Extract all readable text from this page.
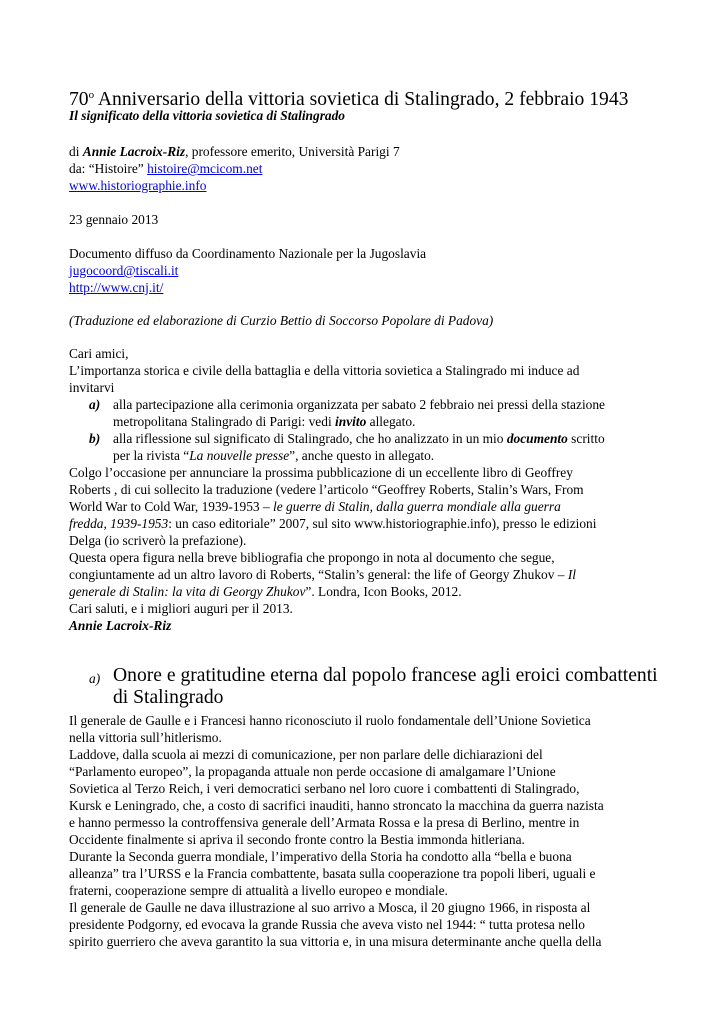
70$^o$ Anniversario della vittoria sovietica di Stalingrado, 2 febbraio 1943
Il significato della vittoria sovietica di Stalingrado
di Annie Lacroix-Riz, professore emerito, Università Parigi 7
da: “Histoire” histoire@mcicom.net
www.historiographie.info
23 gennaio 2013
Documento diffuso da Coordinamento Nazionale per la Jugoslavia
jugocoord@tiscali.it
http://www.cnj.it/
(Traduzione ed elaborazione di Curzio Bettio di Soccorso Popolare di Padova)
Cari amici,
L’importanza storica e civile della battaglia e della vittoria sovietica a Stalingrado mi induce ad
invitarvi
a) alla partecipazione alla cerimonia organizzata per sabato 2 febbraio nei pressi della stazione
metropolitana Stalingrado di Parigi: vedi invito allegato.
b) alla riflessione sul significato di Stalingrado, che ho analizzato in un mio documento scritto
per la rivista “La nouvelle presse”, anche questo in allegato.
Colgo l’occasione per annunciare la prossima pubblicazione di un eccellente libro di Geoffrey
Roberts , di cui sollecito la traduzione (vedere l’articolo “Geoffrey Roberts, Stalin’s Wars, From
World War to Cold War, 1939-1953 – le guerre di Stalin, dalla guerra mondiale alla guerra
fredda, 1939-1953: un caso editoriale” 2007, sul sito www.historiographie.info), presso le edizioni
Delga (io scriverò la prefazione).
Questa opera figura nella breve bibliografia che propongo in nota al documento che segue,
congiuntamente ad un altro lavoro di Roberts, “Stalin’s general: the life of Georgy Zhukov – Il
generale di Stalin: la vita di Georgy Zhukov”. Londra, Icon Books, 2012.
Cari saluti, e i migliori auguri per il 2013.
Annie Lacroix-Riz
a) Onore e gratitudine eterna dal popolo francese agli eroici combattenti
di Stalingrado
Il generale de Gaulle e i Francesi hanno riconosciuto il ruolo fondamentale dell’Unione Sovietica
nella vittoria sull’hitlerismo.
Laddove, dalla scuola ai mezzi di comunicazione, per non parlare delle dichiarazioni del
“Parlamento europeo”, la propaganda attuale non perde occasione di amalgamare l’Unione
Sovietica al Terzo Reich, i veri democratici serbano nel loro cuore i combattenti di Stalingrado,
Kursk e Leningrado, che, a costo di sacrifici inauditi, hanno stroncato la macchina da guerra nazista
e hanno permesso la controffensiva generale dell’Armata Rossa e la presa di Berlino, mentre in
Occidente finalmente si apriva il secondo fronte contro la Bestia immonda hitleriana.
Durante la Seconda guerra mondiale, l’imperativo della Storia ha condotto alla “bella e buona
alleanza” tra l’URSS e la Francia combattente, basata sulla cooperazione tra popoli liberi, uguali e
fraterni, cooperazione sempre di attualità a livello europeo e mondiale.
Il generale de Gaulle ne dava illustrazione al suo arrivo a Mosca, il 20 giugno 1966, in risposta al
presidente Podgorny, ed evocava la grande Russia che aveva visto nel 1944: “ tutta protesa nello
spirito guerriero che aveva garantito la sua vittoria e, in una misura determinante anche quella della
